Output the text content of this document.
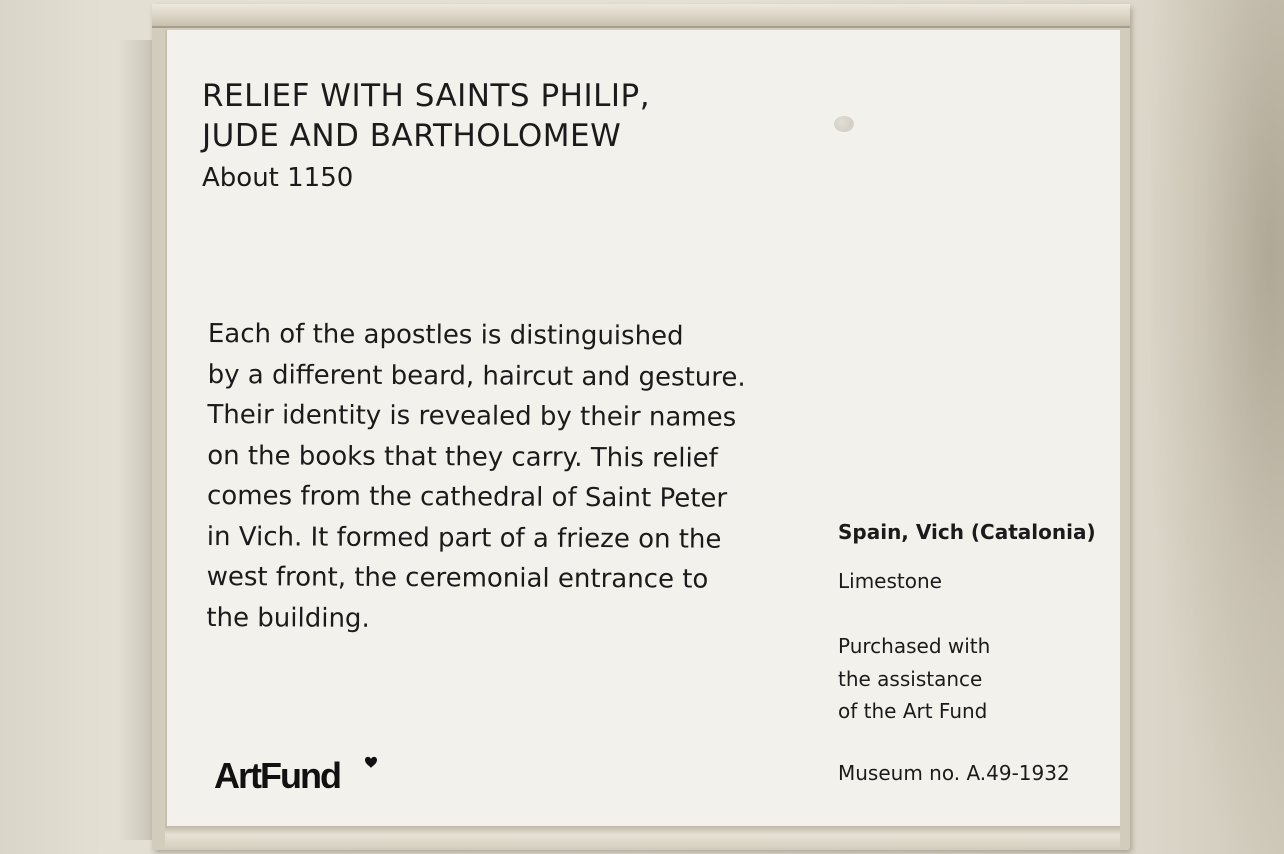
RELIEF WITH SAINTS PHILIP,
JUDE AND BARTHOLOMEW
About 1150

Each of the apostles is distinguished
by a different beard, haircut and gesture.
Their identity is revealed by their names
on the books that they carry. This relief
comes from the cathedral of Saint Peter
in Vich. It formed part of a frieze on the
west front, the ceremonial entrance to
the building.

Spain, Vich (Catalonia)
Limestone
Purchased with
the assistance
of the Art Fund
Museum no. A.49-1932
ArtFund
